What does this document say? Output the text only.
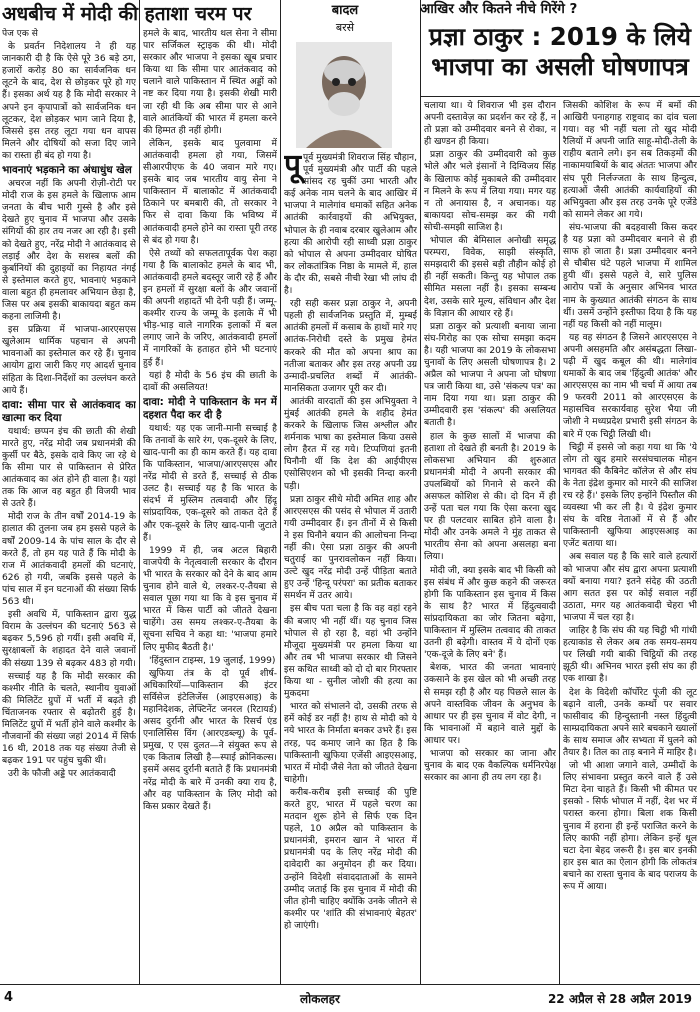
अधबीच में मोदी की हताशा चरम पर	बादल
बरसे
आखिर और कितने नीचे गिरेंगे ?
प्रज्ञा ठाकुर : 2019 के लिये भाजपा का असली घोषणापत्र

पेज एक से

के प्रवर्तन निदेशालय ने ही यह जानकारी दी है कि ऐसे पूरे 36 बड़े ठग, हजारों करोड़ 80 का सार्वजनिक धन लूटने के बाद, देश से छोड़कर पूरे हो गए हैं। इसका अर्थ यह है कि मोदी सरकार ने अपने इन कृपापात्रों को सार्वजनिक धन लूटकर, देश छोड़कर भाग जाने दिया है, जिससे इस तरह लूटा गया धन वापस मिलने और दोषियों को सजा दिए जाने का रास्ता ही बंद हो गया है।

भावनाएं भड़काने का अंधाधुंध खेल

अचरज नहीं कि अपनी रोज़ी-रोटी पर मोदी राज के इस हमले के खिलाफ आम जनता के बीच भारी गुस्से है और इसे देखते हुए चुनाव में भाजपा और उसके संगियों की हार तय नजर आ रही है। इसी को देखते हुए, नरेंद्र मोदी ने आतंकवाद से लड़ाई और देश के सशस्त्र बलों की कुर्बानियों की दुहाइयों का निहायत नंगई से इस्तेमाल करते हुए, भावनाएं भड़काने वाला बहुत ही हमलावर अभियान छेड़ा है, जिस पर अब इसकी बाकायदा बहुत कम कहना लाजिमी है।

इस प्रक्रिया में भाजपा-आरएसएस खुलेआम धार्मिक पहचान से अपनी भावनाओं का इस्तेमाल कर रहे हैं। चुनाव आयोग द्वारा जारी किए गए आदर्श चुनाव संहिता के दिशा-निर्देशों का उल्लंघन करते आये हैं।

दावा: सीमा पार से आतंकवाद का खात्मा कर दिया

यथार्थ: छप्पन इंच की छाती की शेखी मारते हुए, नरेंद्र मोदी जब प्रधानमंत्री की कुर्सी पर बैठे, इसके दावे किए जा रहे थे कि सीमा पार से पाकिस्तान से प्रेरित आतंकवाद का अंत होने ही वाला है। यहां तक कि आज वह बहुत ही विजयी भाव से उतरे हैं।

मोदी राज के तीन वर्षों 2014-19 के हालात की तुलना जब हम इससे पहले के वर्षों 2009-14 के पांच साल के दौर से करते हैं, तो हम यह पाते हैं कि मोदी के राज में आतंकवादी हमलों की घटनाएं, 626 हो गयी, जबकि इससे पहले के पांच साल में इन घटनाओं की संख्या सिर्फ 563 थी।

इसी अवधि में, पाकिस्तान द्वारा युद्ध विराम के उल्लंघन की घटनाएं 563 से बढ़कर 5,596 हो गयीं। इसी अवधि में, सुरक्षाबलों के शहादत देने वाले जवानों की संख्या 139 से बढ़कर 483 हो गयी।

सच्चाई यह है कि मोदी सरकार की कश्मीर नीति के चलते, स्थानीय युवाओं की मिलिटेंट ग्रुपों में भर्ती में बढ़ते ही चिंताजनक रफ्तार से बढ़ोतरी हुई है। मिलिटेंट ग्रुपों में भर्ती होने वाले कश्मीर के नौजवानों की संख्या जहां 2014 में सिर्फ 16 थी, 2018 तक यह संख्या तेजी से बढ़कर 191 पर पहुंच चुकी थी।

उरी के फौजी अड्डे पर आतंकवादी

हमले के बाद, भारतीय थल सेना ने सीमा पार सर्जिकल स्ट्राइक की थी। मोदी सरकार और भाजपा ने इसका खूब प्रचार किया था कि सीमा पार आतंकवाद को चलाने वाले पाकिस्तान में स्थित अड्डों को नष्ट कर दिया गया है। इसकी शेखी मारी जा रही थी कि अब सीमा पार से आने वाले आतंकियों की भारत में हमला करने की हिम्मत ही नहीं होगी।

लेकिन, इसके बाद पुलवामा में आतंकवादी हमला हो गया, जिसमें सीआरपीएफ के 40 जवान मारे गए। इसके बाद जब भारतीय वायु सेना ने पाकिस्तान में बालाकोट में आतंकवादी ठिकाने पर बमबारी की, तो सरकार ने फिर से दावा किया कि भविष्य में आतंकवादी हमले होने का रास्ता पूरी तरह से बंद हो गया है।

ऐसे तथ्यों को सफलतापूर्वक पेश कहा गया है कि बालाकोट हमले के बाद भी, आतंकवादी हमले बदस्तूर जारी रहे हैं और इन हमलों में सुरक्षा बलों के और जवानों की अपनी शहादतें भी देनी पड़ी हैं। जम्मू-कश्मीर राज्य के जम्मू के इलाके में भी भीड़-भाड़ वाले नागरिक इलाकों में बल लगाए जाने के जरिए, आतंकवादी हमलों में नागरिकों के हताहत होने भी घटनाएं हुई हैं।

यहां है मोदी के 56 इंच की छाती के दावों की असलियत!

दावा: मोदी ने पाकिस्तान के मन में दहशत पैदा कर दी है

यथार्थ: यह एक जानी-मानी सच्चाई है कि तनावों के सारे रंग, एक-दूसरे के लिए, खाद-पानी का ही काम करते हैं। यह दावा कि पाकिस्तान, भाजपा/आरएसएस और नरेंद्र मोदी से डरते हैं, सच्चाई से ठीक उलट है। सच्चाई यह है कि भारत के संदर्भ में मुस्लिम तत्ववादी और हिंदू सांप्रदायिक, एक-दूसरे को ताकत देते हैं और एक-दूसरे के लिए खाद-पानी जुटाते हैं।

1999 में ही, जब अटल बिहारी वाजपेयी के नेतृत्ववाली सरकार के दौरान भी भारत के सरकार को देने के बाद आम चुनाव होने वाले थे, लश्कर-ए-तैयबा से सवाल पूछा गया था कि वे इस चुनाव में भारत में किस पार्टी को जीतते देखना चाहेंगे। उस समय लश्कर-ए-तैयबा के सूचना सचिव ने कहा था: 'भाजपा हमारे लिए मुफीद बैठती है।'

'हिंदुस्तान टाइम्स, 19 जुलाई, 1999)

खुफिया तंत्र के दो पूर्व शीर्ष-अधिकारियों—पाकिस्तान की इंटर सर्विसेज इंटेलिजेंस (आइएसआइ) के महानिदेशक, लेफ्टिनेंट जनरल (रिटायर्ड) असद दुर्रानी और भारत के रिसर्च एंड एनालिसिस विंग (आरएडब्ल्यू) के पूर्व-प्रमुख, ए एस दुलत—ने संयुक्त रूप से एक किताब लिखी है—स्पाई क्रोनिकल्स। इसमें असद दुर्रानी बताते हैं कि प्रधानमंत्री नरेंद्र मोदी के बारे में उनकी क्या राय है, और वह पाकिस्तान के लिए मोदी को किस प्रकार देखते हैं।

पूपूर्व मुख्यमंत्री शिवराज सिंह चौहान, पूर्व मुख्यमंत्री और पार्टी की पहले सांसद रह चुकीं उमा भारती और कई अनेक नाम चलने के बाद आखिर में भाजपा ने मालेगांव धमाकों सहित अनेक आतंकी कार्रवाइयों की अभियुक्त, भोपाल के ही नवाब दरबार खुलेआम और हत्या की आरोपी रही साध्वी प्रज्ञा ठाकुर को भोपाल से अपना उम्मीदवार घोषित कर लोकतांत्रिक निष्ठा के मामले में, हाल के दौर की, सबसे नीची रेखा भी लांघ दी है।

रही सही कसर प्रज्ञा ठाकुर ने, अपनी पहली ही सार्वजनिक प्रस्तुति में, मुम्बई आतंकी हमलों में कसाब के हाथों मारे गए आतंक-निरोधी दस्ते के प्रमुख हेमंत करकरे की मौत को अपना श्राप का नतीजा बताकर और इस तरह अपनी उग्र उन्मादी-प्रचलित शब्दों में आतंकी-मानसिकता उजागर पूरी कर दी।

आतंकी वारदातों की इस अभियुक्ता ने मुंबई आतंकी हमले के शहीद हेमंत करकरे के खिलाफ जिस अश्लील और शर्मनाक भाषा का इस्तेमाल किया उससे लोग हैरत में रह गये। टिप्पणियां इतनी घिनौनी थीं कि देश की आईपीएस एसोसिएशन को भी इसकी निन्दा करनी पड़ी।

प्रज्ञा ठाकुर सीधे मोदी अमित शाह और आरएसएस की पसंद से भोपाल में उतारी गयी उम्मीदवार हैं। इन तीनों में से किसी ने इस घिनौने बयान की आलोचना निन्दा नहीं की। ऐसा प्रज्ञा ठाकुर की अपनी चतुराई का पुनरावलोकन नहीं किया। उल्टे खुद नरेंद्र मोदी उन्हें पीड़िता बताते हुए उन्हें 'हिन्दू परंपरा' का प्रतीक बताकर समर्थन में उतर आये।

इस बीच पता चला है कि वह वहां रहने की बजाए भी नहीं थीं। यह चुनाव जिस भोपाल से हो रहा है, वहां भी उन्होंने मौजूदा मुख्यमंत्री पर हमला किया था और तब भी भाजपा सरकार थी जिसने इस कथित साध्वी को दो दो बार गिरफ्तार किया था - सुनील जोशी की हत्या का मुकदमा

भारत को संभालने दो, उसकी तरफ से हमें कोई डर नहीं है! हाथ से मोदी को ये नये भारत के निर्माता बनकर उभरे हैं। इस तरह, पद कमाए जाने का हित है कि पाकिस्तानी खुफिया एजेंसी आइएसआइ, भारत में मोदी जैसे नेता को जीतते देखना चाहेगी।

करीब-करीब इसी सच्चाई की पुष्टि करते हुए, भारत में पहले चरण का मतदान शुरू होने से सिर्फ एक दिन पहले, 10 अप्रैल को पाकिस्तान के प्रधानमंत्री, इमरान खान ने भारत में प्रधानमंत्री पद के लिए नरेंद्र मोदी की दावेदारी का अनुमोदन ही कर दिया। उन्होंने विदेशी संवाददाताओं के सामने उम्मीद जताई कि इस चुनाव में मोदी की जीत होनी चाहिए क्योंकि उनके जीतने से कश्मीर पर 'शांति की संभावनाएं बेहतर' हो जाएंगी।

चलाया था। ये शिवराज भी इस दौरान अपनी दस्तावेज़ का प्रदर्शन कर रहे हैं, न तो प्रज्ञा को उम्मीदवार बनने से रोका, न ही खण्डन ही किया।

प्रज्ञा ठाकुर की उम्मीदवारी को कुछ भोले और भले इंसानों ने दिग्विजय सिंह के खिलाफ कोई मुकाबले की उम्मीदवार न मिलने के रूप में लिया गया। मगर यह न तो अनायास है, न अचानक। यह बाकायदा सोच-समझ कर की गयी सोची-समझी साजिश है।

भोपाल की बेमिसाल अनोखी समृद्ध परम्परा, विवेक, साझी संस्कृति, समझदारी की इससे बड़ी तौहीन कोई हो ही नहीं सकती। किन्तु यह भोपाल तक सीमित मसला नहीं है। इसका सम्बन्ध देश, उसके सारे मूल्य, संविधान और देश के विज्ञान की आधार रहे हैं।

प्रज्ञा ठाकुर को प्रत्याशी बनाया जाना संघ-गिरोह का एक सोचा समझा कदम है। यही भाजपा का 2019 के लोकसभा चुनावों के लिए असली घोषणापत्र है। 2 अप्रैल को भाजपा ने अपना जो घोषणा पत्र जारी किया था, उसे 'संकल्प पत्र' का नाम दिया गया था। प्रज्ञा ठाकुर की उम्मीदवारी इस 'संकल्प' की असलियत बताती है।

हाल के कुछ सालों में भाजपा की हताशा तो देखते ही बनती है। 2019 के लोकसभा अभियान की शुरुआत प्रधानमंत्री मोदी ने अपनी सरकार की उपलब्धियों को गिनाने से करने की असफल कोशिश से की। दो दिन में ही उन्हें पता चल गया कि ऐसा करना खुद पर ही पलटवार साबित होने वाला है। मोदी और उनके अमले ने मुंह ताकत से भारतीय सेना को अपना असलहा बना लिया।

मोदी जी, क्या इसके बाद भी किसी को इस संबंध में और कुछ कहने की जरूरत होगी कि पाकिस्तान इस चुनाव में किस के साथ है? भारत में हिंदुत्ववादी सांप्रदायिकता का जोर जितना बढ़ेगा, पाकिस्तान में मुस्लिम तत्ववाद की ताकत उतनी ही बढ़ेगी। वास्तव में ये दोनों एक 'एक-दूजे के लिए बने' हैं।

बेशक, भारत की जनता भावनाएं उकसाने के इस खेल को भी अच्छी तरह से समझ रही है और यह पिछले साल के अपने वास्तविक जीवन के अनुभव के आधार पर ही इस चुनाव में वोट देगी, न कि भावनाओं में बहाने वाले मुद्दों के आधार पर।

भाजपा को सरकार का जाना और चुनाव के बाद एक वैकल्पिक धर्मनिरपेक्ष सरकार का आना ही तय लग रहा है।

जिसकी कोशिश के रूप में बमों की आखिरी पनाहगाह राष्ट्रवाद का दांव चला गया। वह भी नहीं चला तो खुद मोदी रैलियों में अपनी जाति साहू-मोदी-तेली के राहीय बताने लगे। इन सब तिकड़मों की नाकामयाबियों के बाद अंततः भाजपा और संघ पूरी निर्लज्जता के साथ हिन्दुत्व, हत्याओं जैसी आतंकी कार्यवाहियों की अभियुक्ता और इस तरह उनके पूरे एजेंडे को सामने लेकर आ गये।

संघ-भाजपा की बदहवासी किस कदर है यह प्रज्ञा को उम्मीदवार बनाने से ही साफ हो जाता है। प्रज्ञा उम्मीदवार बनने से चौबीस घंटे पहले भाजपा में शामिल हुयी थीं। इससे पहले वे, सारे पुलिस आरोप पत्रों के अनुसार अभिनव भारत नाम के कुख्यात आतंकी संगठन के साथ थीं। उसमें उन्होंने इस्तीफा दिया है कि यह नहीं यह किसी को नहीं मालूम।

यह वह संगठन है जिसने आरएसएस ने अपनी असहमति और असंबद्धता लिखा-पढ़ी में खुद कबूल की थी। मालेगांव धमाकों के बाद जब 'हिंदुत्वी आतंक' और आरएसएस का नाम भी चर्चा में आया तब 9 फरवरी 2011 को आरएसएस के महासचिव सरकार्यवाह सुरेश भैया जी जोशी ने मध्यप्रदेश प्रभारी इसी संगठन के बारे में एक चिट्ठी लिखी थी।

चिट्ठी में इससे जो कहा गया था कि 'ये लोग तो खुद हमारे सरसंघचालक मोहन भागवत की कैबिनेट कॉलेज से और संघ के नेता इंद्रेश कुमार को मारने की साजिश रच रहे हैं।' इसके लिए इन्होंने पिस्तौल की व्यवस्था भी कर ली है। ये इंद्रेश कुमार संघ के वरिष्ठ नेताओं में से हैं और पाकिस्तानी खुफिया आइएसआइ का एजेंट बताया था।

अब सवाल यह है कि सारे वाले हत्यारों को भाजपा और संघ द्वारा अपना प्रत्याशी क्यों बनाया गया? इतने संदेह की उठती आग सतत इस पर कोई सवाल नहीं उठाता, मगर यह आतंकवादी चेहरा भी भाजपा में चल रहा है।

जाहिर है कि संघ की यह चिट्ठी भी गांधी हत्याकांड से लेकर अब तक समय-समय पर लिखी गयी बाकी चिट्ठियों की तरह झूठी थी। अभिनव भारत इसी संघ का ही एक शाखा है।

देश के विदेशी कॉर्पोरेट पूंजी की लूट बढ़ाने वाली, उनके कर्म्थो पर सवार फासीवाद की हिन्दुस्तानी नस्ल हिंदुत्वी साम्प्रदायिकता अपने सारे बचकाने ख्यालों के साथ समाज और सभ्यता में घुलने को तैयार है। तिल का ताड़ बनाने में माहिर है।

जो भी आशा जगाने वाले, उम्मीदों के लिए संभावना प्रस्तुत करने वाले हैं उसे मिटा देना चाहते हैं। किसी भी कीमत पर इसको - सिर्फ भोपाल में नहीं, देश भर में परास्त करना होगा। बिला शक किसी चुनाव में हराना ही इन्हें पराजित करने के लिए काफी नहीं होगा। लेकिन इन्हें धूल चटा देना बेहद जरूरी है। इस बार इनकी हार इस बात का ऐलान होगी कि लोकतंत्र बचाने का रास्ता चुनाव के बाद पराजय के रूप में आया।

4	लोकलहर	22 अप्रैल से 28 अप्रैल 2019
